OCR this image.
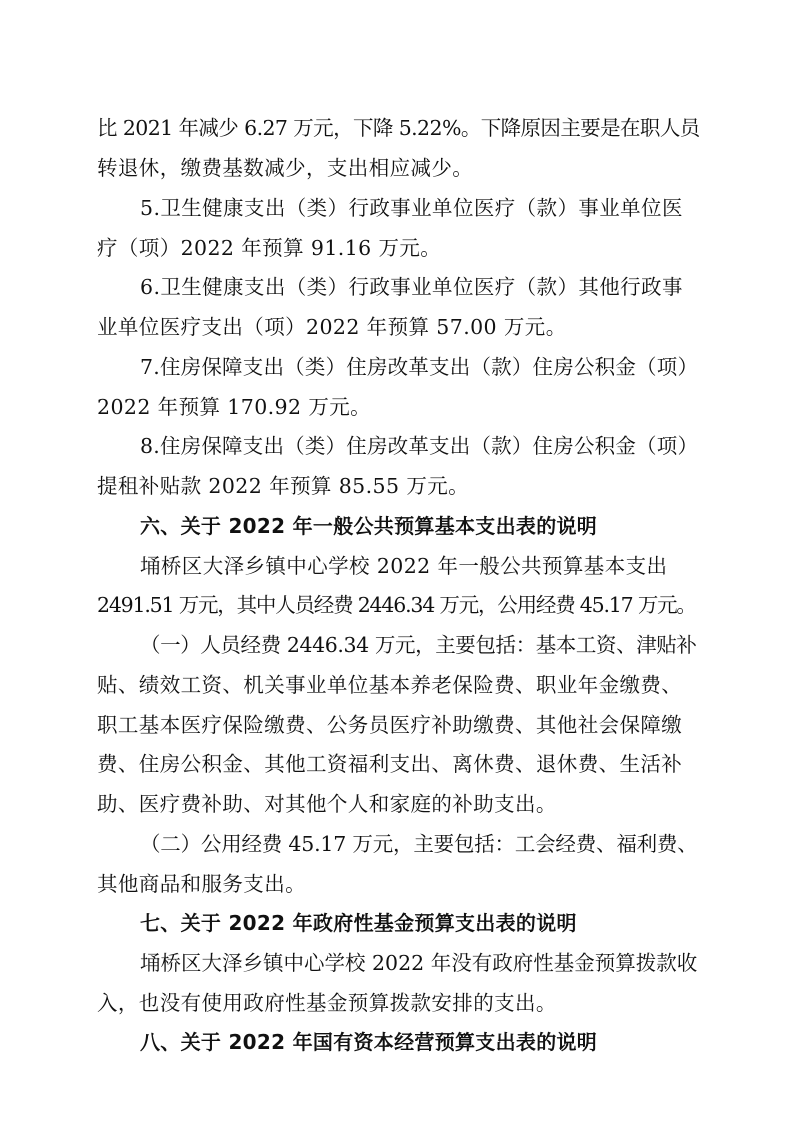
比 2021 年减少 6.27 万元，下降 5.22%。下降原因主要是在职人员
转退休，缴费基数减少，支出相应减少。
5.卫生健康支出（类）行政事业单位医疗（款）事业单位医
疗（项）2022 年预算 91.16 万元。
6.卫生健康支出（类）行政事业单位医疗（款）其他行政事
业单位医疗支出（项）2022 年预算 57.00 万元。
7.住房保障支出（类）住房改革支出（款）住房公积金（项）
2022 年预算 170.92 万元。
8.住房保障支出（类）住房改革支出（款）住房公积金（项）
提租补贴款 2022 年预算 85.55 万元。
六、关于 2022 年一般公共预算基本支出表的说明
埇桥区大泽乡镇中心学校 2022 年一般公共预算基本支出
2491.51 万元，其中人员经费 2446.34 万元，公用经费 45.17 万元。
（一）人员经费 2446.34 万元，主要包括：基本工资、津贴补
贴、绩效工资、机关事业单位基本养老保险费、职业年金缴费、
职工基本医疗保险缴费、公务员医疗补助缴费、其他社会保障缴
费、住房公积金、其他工资福利支出、离休费、退休费、生活补
助、医疗费补助、对其他个人和家庭的补助支出。
（二）公用经费 45.17 万元，主要包括：工会经费、福利费、
其他商品和服务支出。
七、关于 2022 年政府性基金预算支出表的说明
埇桥区大泽乡镇中心学校 2022 年没有政府性基金预算拨款收
入，也没有使用政府性基金预算拨款安排的支出。
八、关于 2022 年国有资本经营预算支出表的说明
